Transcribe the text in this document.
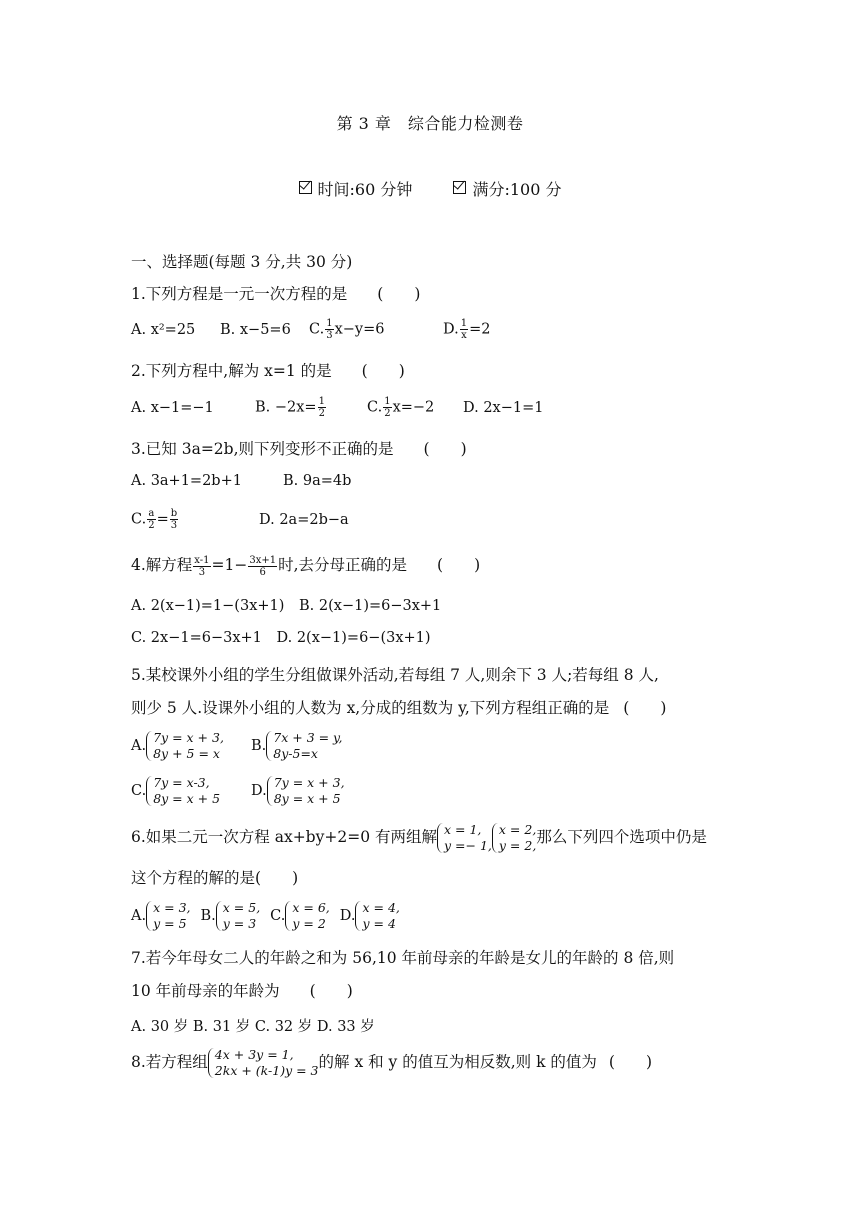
第 3 章　综合能力检测卷
时间:60 分钟	满分:100 分
一、选择题(每题 3 分,共 30 分)
1.下列方程是一元一次方程的是 (　　)
A. x²=25 B. x−5=6 C. $\frac{1}{3} x-y=6$	D. $\frac{1}{x} =2$
2.下列方程中,解为 x=1 的是 (　　)
A. x−1=−1	B. $-2x= \frac{1}{2}$	C. $\frac{1}{2} x=-2$ D. 2x−1=1
3.已知 3a=2b,则下列变形不正确的是 (　　)
A. 3a+1=2b+1	B. 9a=4b
C. $\frac{a}{2} = \frac{b}{3}$	D. 2a=2b−a
4.解方程 $\frac{x-1}{3} =1- \frac{3x+1}{6}$ 时,去分母正确的是 (　　)
A. 2(x−1)=1−(3x+1) B. 2(x−1)=6−3x+1
C. 2x−1=6−3x+1 D. 2(x−1)=6−(3x+1)
5.某校课外小组的学生分组做课外活动,若每组 7 人,则余下 3 人;若每组 8 人,
则少 5 人.设课外小组的人数为 x,分成的组数为 y,下列方程组正确的是 (　　)
A.
7y = x + 3,
8y + 5 = x B.
7x + 3 = y,
8y-5=x
C.
7y = x-3,
8y = x + 5 D.
7y = x + 3,
8y = x + 5
6.如果二元一次方程 ax+by+2=0 有两组解 x = 1,
y =− 1,
x = 2,
y = 2, 那么下列四个选项中仍是
这个方程的解的是(　　)
A.
x = 3,
y = 5 B.
x = 5,
y = 3 C.
x = 6,
y = 2 D.
x = 4,
y = 4
7.若今年母女二人的年龄之和为 56,10 年前母亲的年龄是女儿的年龄的 8 倍,则
10 年前母亲的年龄为 (　　)
A. 30 岁 B. 31 岁 C. 32 岁 D. 33 岁
8.若方程组 4x + 3y = 1,
2kx + (k-1)y = 3 的解 x 和 y 的值互为相反数,则 k 的值为 (　　)
